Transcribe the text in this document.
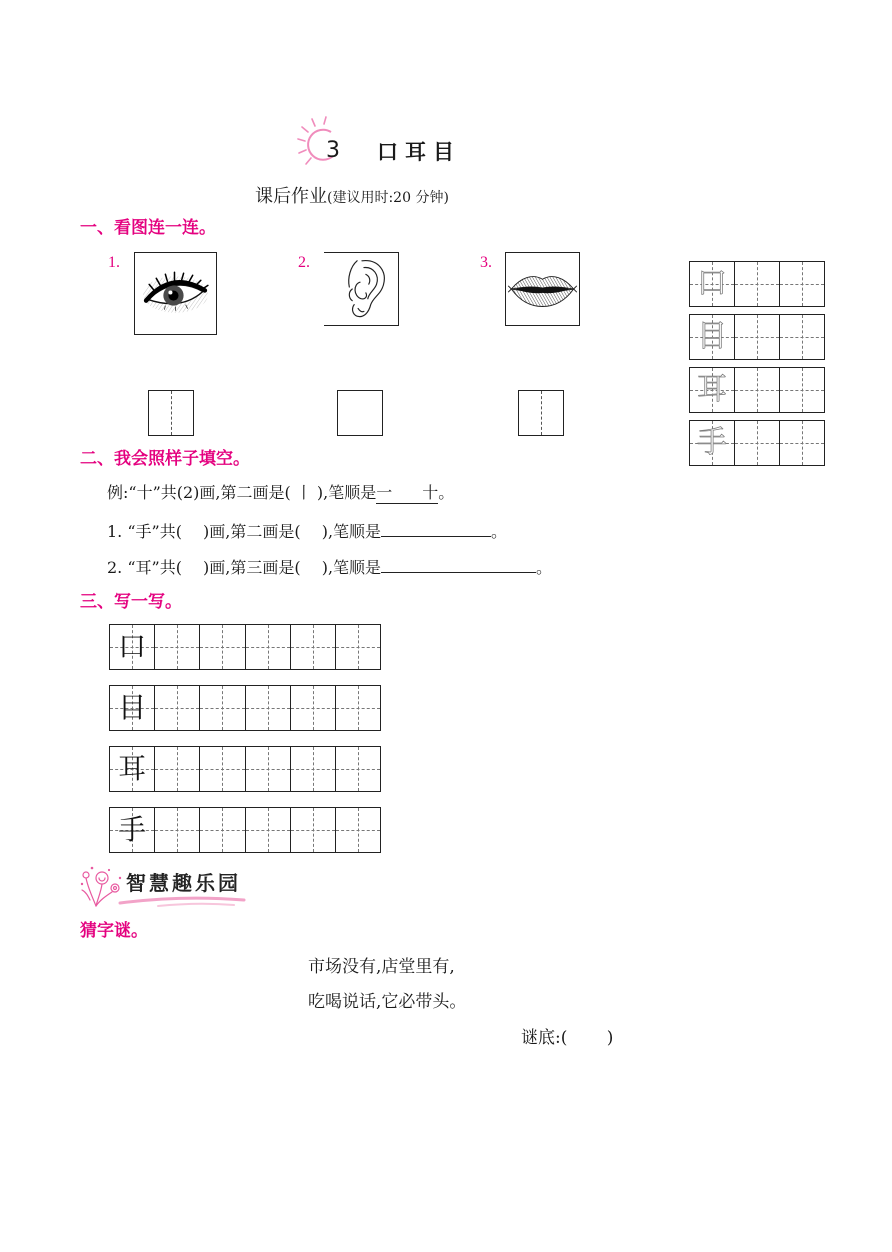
3 口耳目
课后作业(建议用时:20 分钟)
一、看图连一连。
1.	2.	3.
口
目
耳
手
二、我会照样子填空。
例:“十”共(2)画,第二画是( 丨 ),笔顺是 一 十 。
1. “手”共(　 )画,第二画是(　 ),笔顺是	。
2. “耳”共(　 )画,第三画是(　 ),笔顺是	。
三、写一写。
口
目
耳
手
智慧趣乐园
猜字谜。
市场没有,店堂里有,
吃喝说话,它必带头。
谜底:(　　 )
